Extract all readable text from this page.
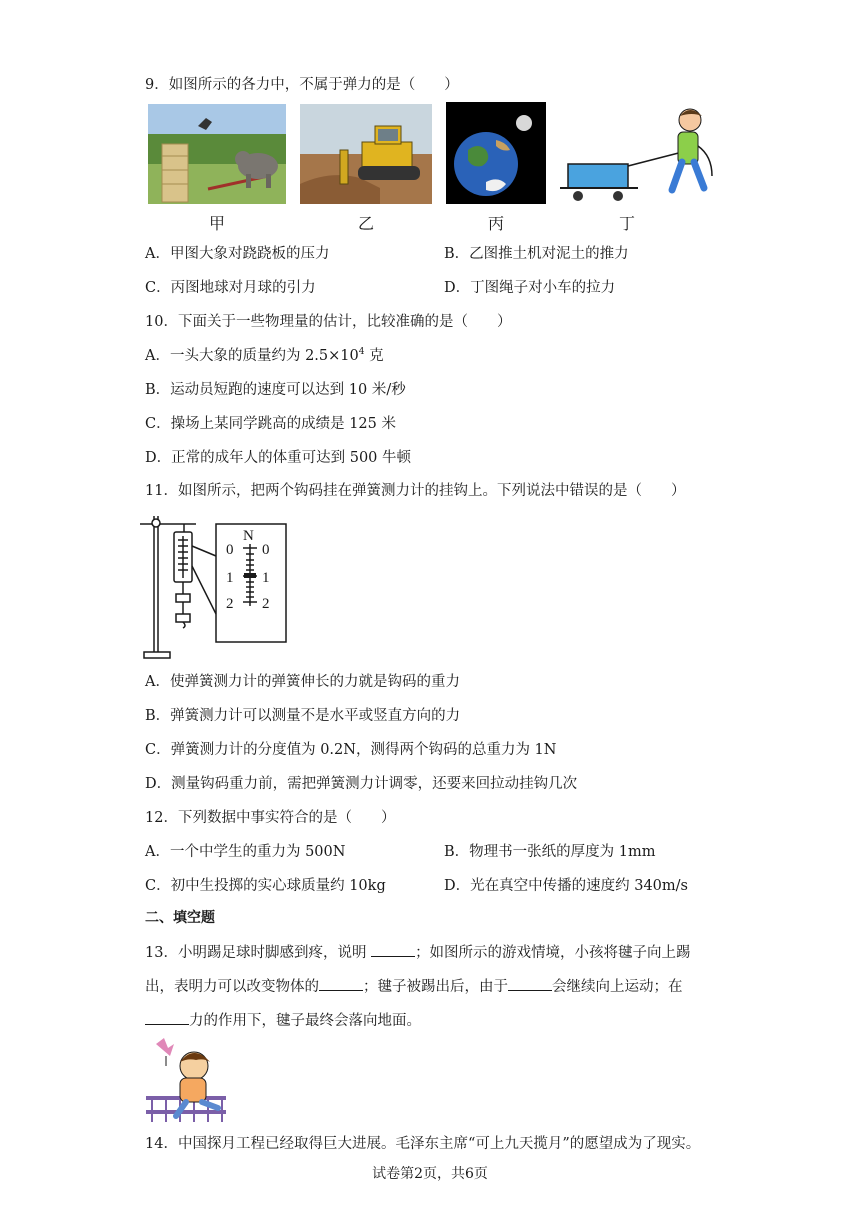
9．如图所示的各力中，不属于弹力的是（　　）
甲	乙	丙	丁
A．甲图大象对跷跷板的压力	B．乙图推土机对泥土的推力
C．丙图地球对月球的引力	D．丁图绳子对小车的拉力
10．下面关于一些物理量的估计，比较准确的是（　　）
A．一头大象的质量约为 $2.5\times 10^4$ 克
B．运动员短跑的速度可以达到 10 米/秒
C．操场上某同学跳高的成绩是 125 米
D．正常的成年人的体重可达到 500 牛顿
11．如图所示，把两个钩码挂在弹簧测力计的挂钩上。下列说法中错误的是（　　）
N
0
1
2
0
1
2
A．使弹簧测力计的弹簧伸长的力就是钩码的重力
B．弹簧测力计可以测量不是水平或竖直方向的力
C．弹簧测力计的分度值为 0.2N，测得两个钩码的总重力为 1N
D．测量钩码重力前，需把弹簧测力计调零，还要来回拉动挂钩几次
12．下列数据中事实符合的是（　　）
A．一个中学生的重力为 500N	B．物理书一张纸的厚度为 1mm
C．初中生投掷的实心球质量约 10kg	D．光在真空中传播的速度约 340m/s
二、填空题
13．小明踢足球时脚感到疼，说明	；如图所示的游戏情境，小孩将毽子向上踢
出，表明力可以改变物体的	；毽子被踢出后，由于	会继续向上运动；在
力的作用下，毽子最终会落向地面。
14．中国探月工程已经取得巨大进展。毛泽东主席“可上九天揽月”的愿望成为了现实。
试卷第2页，共6页
